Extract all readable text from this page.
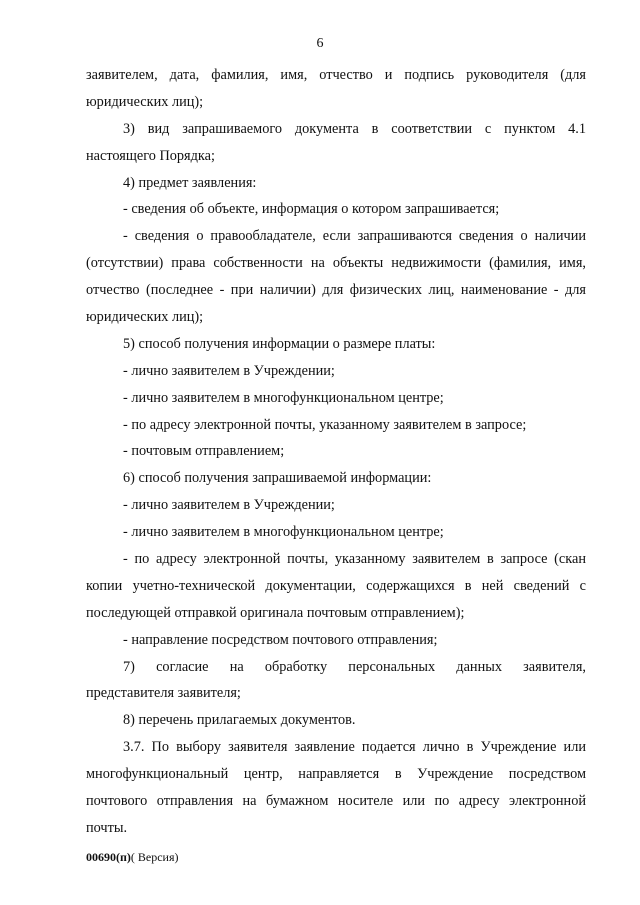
6
заявителем, дата, фамилия, имя, отчество и подпись руководителя (для
юридических лиц);
3) вид запрашиваемого документа в соответствии с пунктом 4.1
настоящего Порядка;
4) предмет заявления:
- сведения об объекте, информация о котором запрашивается;
- сведения о правообладателе, если запрашиваются сведения о наличии
(отсутствии) права собственности на объекты недвижимости (фамилия, имя,
отчество (последнее - при наличии) для физических лиц, наименование - для
юридических лиц);
5) способ получения информации о размере платы:
- лично заявителем в Учреждении;
- лично заявителем в многофункциональном центре;
- по адресу электронной почты, указанному заявителем в запросе;
- почтовым отправлением;
6) способ получения запрашиваемой информации:
- лично заявителем в Учреждении;
- лично заявителем в многофункциональном центре;
- по адресу электронной почты, указанному заявителем в запросе (скан
копии учетно-технической документации, содержащихся в ней сведений с
последующей отправкой оригинала почтовым отправлением);
- направление посредством почтового отправления;
7) согласие на обработку персональных данных заявителя,
представителя заявителя;
8) перечень прилагаемых документов.
3.7. По выбору заявителя заявление подается лично в Учреждение или
многофункциональный центр, направляется в Учреждение посредством
почтового отправления на бумажном носителе или по адресу электронной
почты.
00690(п)( Версия)
